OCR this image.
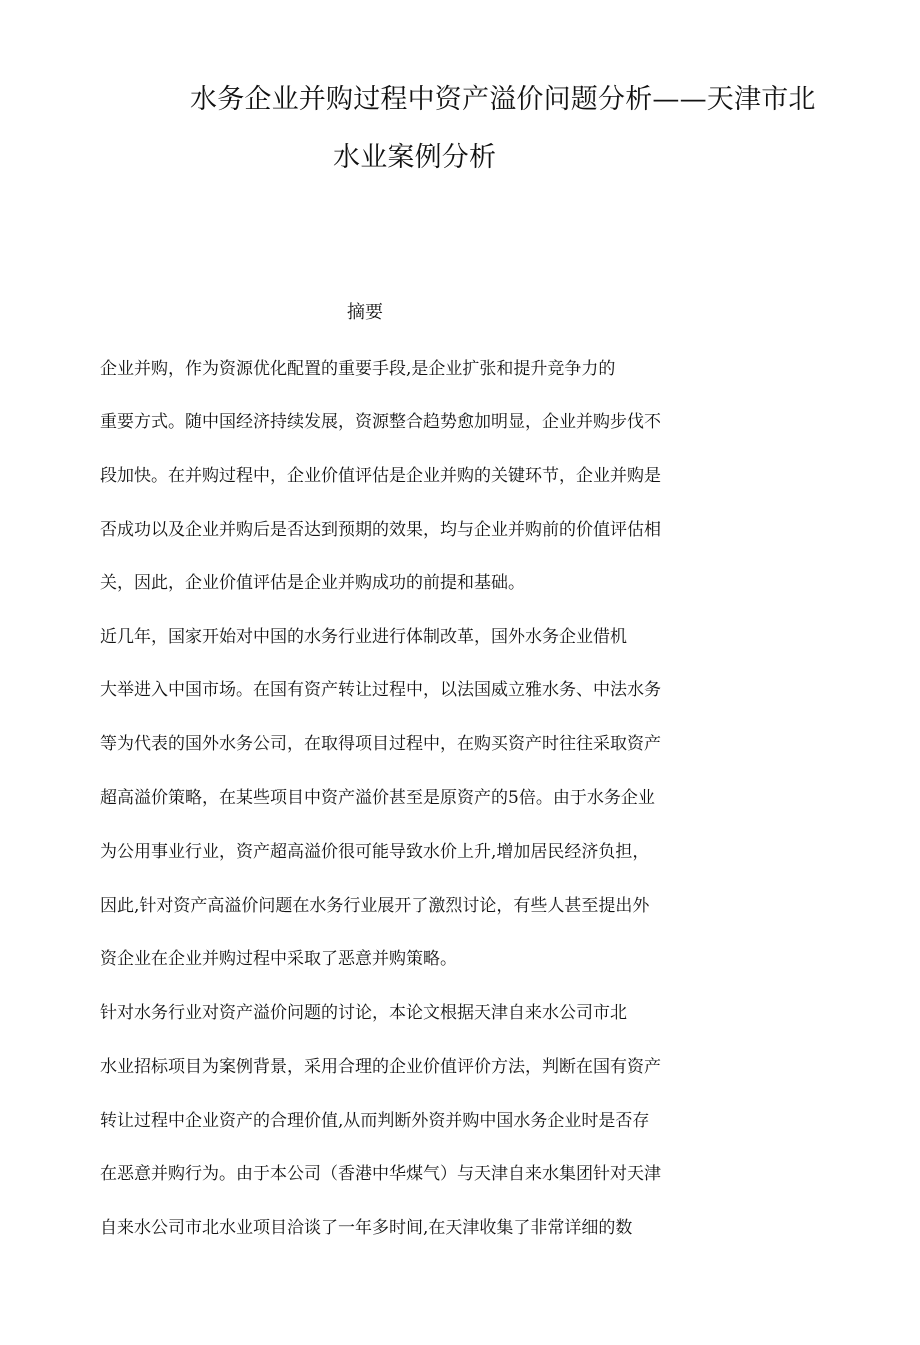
水务企业并购过程中资产溢价问题分析——天津市北
水业案例分析
摘要

企业并购，作为资源优化配置的重要手段,是企业扩张和提升竞争力的

重要方式。随中国经济持续发展，资源整合趋势愈加明显，企业并购步伐不

段加快。在并购过程中，企业价值评估是企业并购的关键环节，企业并购是

否成功以及企业并购后是否达到预期的效果，均与企业并购前的价值评估相

关，因此，企业价值评估是企业并购成功的前提和基础。

近几年，国家开始对中国的水务行业进行体制改革，国外水务企业借机

大举进入中国市场。在国有资产转让过程中，以法国威立雅水务、中法水务

等为代表的国外水务公司，在取得项目过程中，在购买资产时往往采取资产

超高溢价策略，在某些项目中资产溢价甚至是原资产的5倍。由于水务企业

为公用事业行业，资产超高溢价很可能导致水价上升,增加居民经济负担，

因此,针对资产高溢价问题在水务行业展开了激烈讨论，有些人甚至提出外

资企业在企业并购过程中采取了恶意并购策略。

针对水务行业对资产溢价问题的讨论，本论文根据天津自来水公司市北

水业招标项目为案例背景，采用合理的企业价值评价方法，判断在国有资产

转让过程中企业资产的合理价值,从而判断外资并购中国水务企业时是否存

在恶意并购行为。由于本公司（香港中华煤气）与天津自来水集团针对天津

自来水公司市北水业项目洽谈了一年多时间,在天津收集了非常详细的数
